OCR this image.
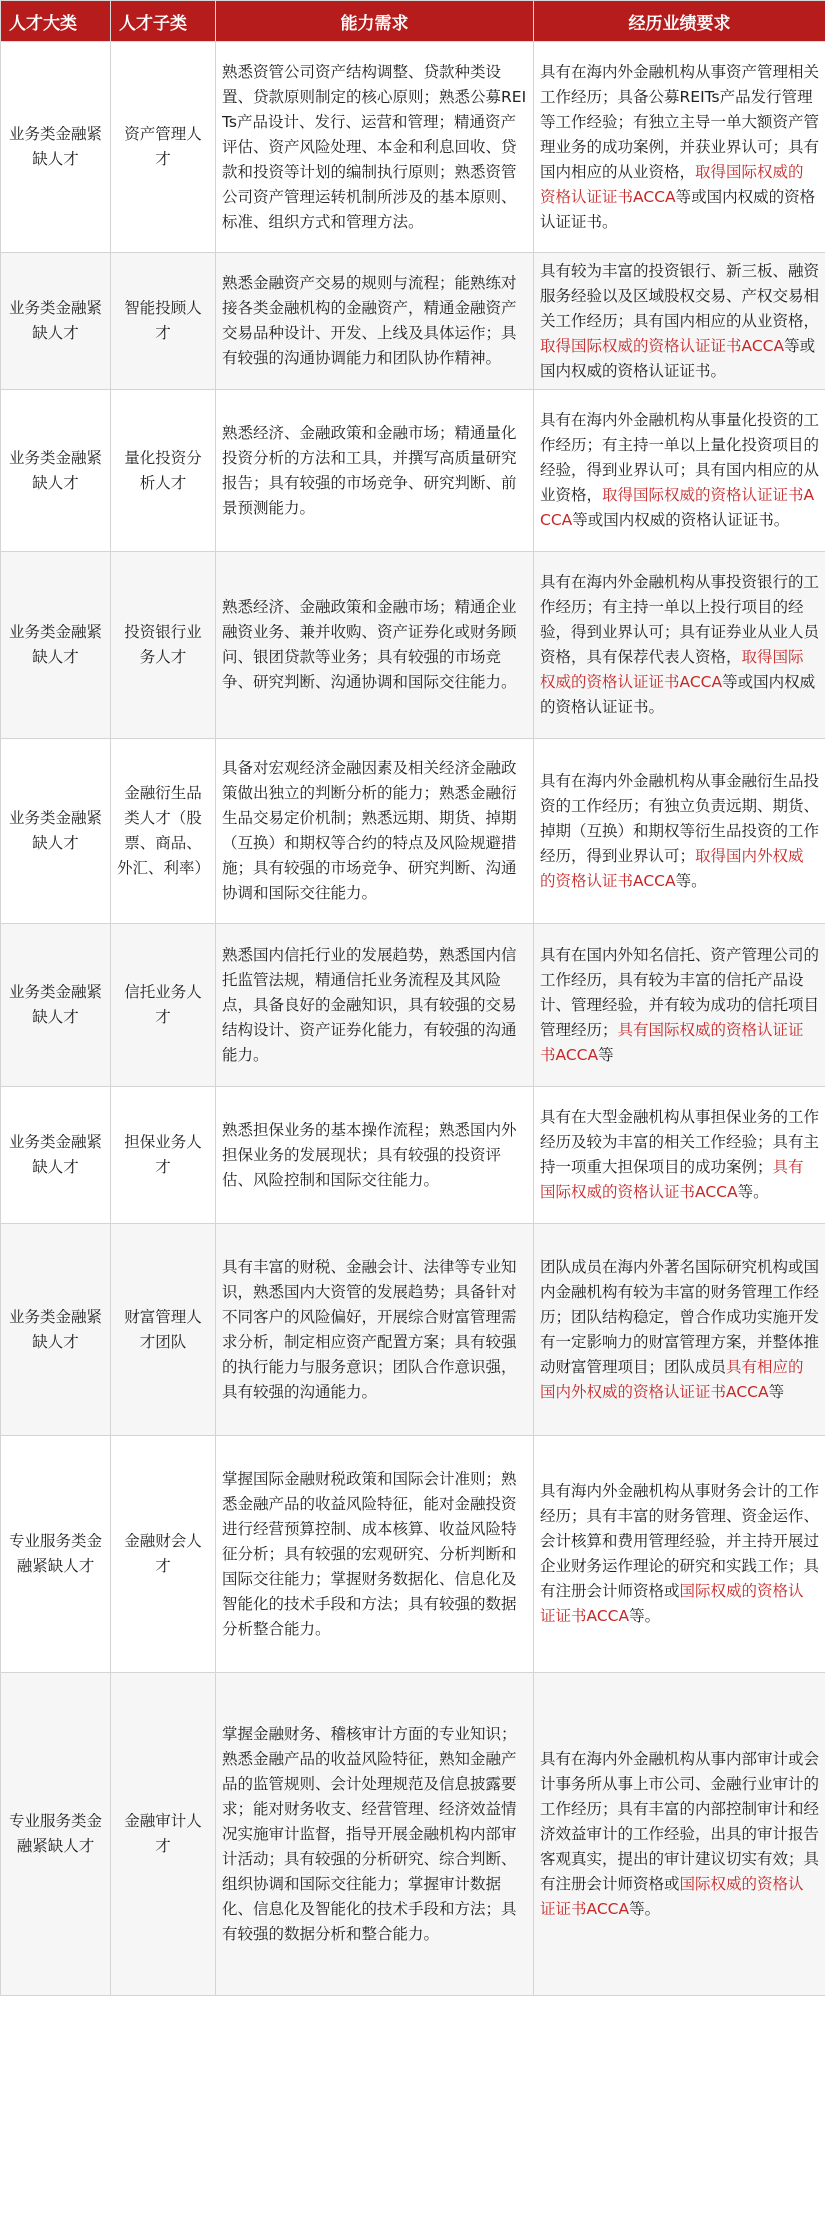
人才大类	人才子类	能力需求	经历业绩要求
业务类金融紧缺人才	资产管理人才	熟悉资管公司资产结构调整、贷款种类设置、贷款原则制定的核心原则；熟悉公募REITs产品设计、发行、运营和管理；精通资产评估、资产风险处理、本金和利息回收、贷款和投资等计划的编制执行原则；熟悉资管公司资产管理运转机制所涉及的基本原则、标准、组织方式和管理方法。	具有在海内外金融机构从事资产管理相关工作经历；具备公募REITs产品发行管理等工作经验；有独立主导一单大额资产管理业务的成功案例，并获业界认可；具有国内相应的从业资格，取得国际权威的资格认证证书ACCA等或国内权威的资格认证证书。
业务类金融紧缺人才	智能投顾人才	熟悉金融资产交易的规则与流程；能熟练对接各类金融机构的金融资产，精通金融资产交易品种设计、开发、上线及具体运作；具有较强的沟通协调能力和团队协作精神。	具有较为丰富的投资银行、新三板、融资服务经验以及区域股权交易、产权交易相关工作经历；具有国内相应的从业资格，取得国际权威的资格认证证书ACCA等或国内权威的资格认证证书。
业务类金融紧缺人才	量化投资分析人才	熟悉经济、金融政策和金融市场；精通量化投资分析的方法和工具，并撰写高质量研究报告；具有较强的市场竞争、研究判断、前景预测能力。	具有在海内外金融机构从事量化投资的工作经历；有主持一单以上量化投资项目的经验，得到业界认可；具有国内相应的从业资格，取得国际权威的资格认证证书ACCA等或国内权威的资格认证证书。
业务类金融紧缺人才	投资银行业务人才	熟悉经济、金融政策和金融市场；精通企业融资业务、兼并收购、资产证券化或财务顾问、银团贷款等业务；具有较强的市场竞争、研究判断、沟通协调和国际交往能力。	具有在海内外金融机构从事投资银行的工作经历；有主持一单以上投行项目的经验，得到业界认可；具有证券业从业人员资格，具有保荐代表人资格，取得国际权威的资格认证证书ACCA等或国内权威的资格认证证书。
业务类金融紧缺人才	金融衍生品类人才（股票、商品、外汇、利率）	具备对宏观经济金融因素及相关经济金融政策做出独立的判断分析的能力；熟悉金融衍生品交易定价机制；熟悉远期、期货、掉期（互换）和期权等合约的特点及风险规避措施；具有较强的市场竞争、研究判断、沟通协调和国际交往能力。	具有在海内外金融机构从事金融衍生品投资的工作经历；有独立负责远期、期货、掉期（互换）和期权等衍生品投资的工作经历，得到业界认可；取得国内外权威的资格认证书ACCA等。
业务类金融紧缺人才	信托业务人才	熟悉国内信托行业的发展趋势，熟悉国内信托监管法规，精通信托业务流程及其风险点，具备良好的金融知识，具有较强的交易结构设计、资产证券化能力，有较强的沟通能力。	具有在国内外知名信托、资产管理公司的工作经历，具有较为丰富的信托产品设计、管理经验，并有较为成功的信托项目管理经历；具有国际权威的资格认证证书ACCA等
业务类金融紧缺人才	担保业务人才	熟悉担保业务的基本操作流程；熟悉国内外担保业务的发展现状；具有较强的投资评估、风险控制和国际交往能力。	具有在大型金融机构从事担保业务的工作经历及较为丰富的相关工作经验；具有主持一项重大担保项目的成功案例；具有国际权威的资格认证书ACCA等。
业务类金融紧缺人才	财富管理人才团队	具有丰富的财税、金融会计、法律等专业知识，熟悉国内大资管的发展趋势；具备针对不同客户的风险偏好，开展综合财富管理需求分析，制定相应资产配置方案；具有较强的执行能力与服务意识；团队合作意识强，具有较强的沟通能力。	团队成员在海内外著名国际研究机构或国内金融机构有较为丰富的财务管理工作经历；团队结构稳定，曾合作成功实施开发有一定影响力的财富管理方案，并整体推动财富管理项目；团队成员具有相应的国内外权威的资格认证证书ACCA等
专业服务类金融紧缺人才	金融财会人才	掌握国际金融财税政策和国际会计准则；熟悉金融产品的收益风险特征，能对金融投资进行经营预算控制、成本核算、收益风险特征分析；具有较强的宏观研究、分析判断和国际交往能力；掌握财务数据化、信息化及智能化的技术手段和方法；具有较强的数据分析整合能力。	具有海内外金融机构从事财务会计的工作经历；具有丰富的财务管理、资金运作、会计核算和费用管理经验，并主持开展过企业财务运作理论的研究和实践工作；具有注册会计师资格或国际权威的资格认证证书ACCA等。
专业服务类金融紧缺人才	金融审计人才	掌握金融财务、稽核审计方面的专业知识；熟悉金融产品的收益风险特征，熟知金融产品的监管规则、会计处理规范及信息披露要求；能对财务收支、经营管理、经济效益情况实施审计监督，指导开展金融机构内部审计活动；具有较强的分析研究、综合判断、组织协调和国际交往能力；掌握审计数据化、信息化及智能化的技术手段和方法；具有较强的数据分析和整合能力。	具有在海内外金融机构从事内部审计或会计事务所从事上市公司、金融行业审计的工作经历；具有丰富的内部控制审计和经济效益审计的工作经验，出具的审计报告客观真实，提出的审计建议切实有效；具有注册会计师资格或国际权威的资格认证证书ACCA等。
